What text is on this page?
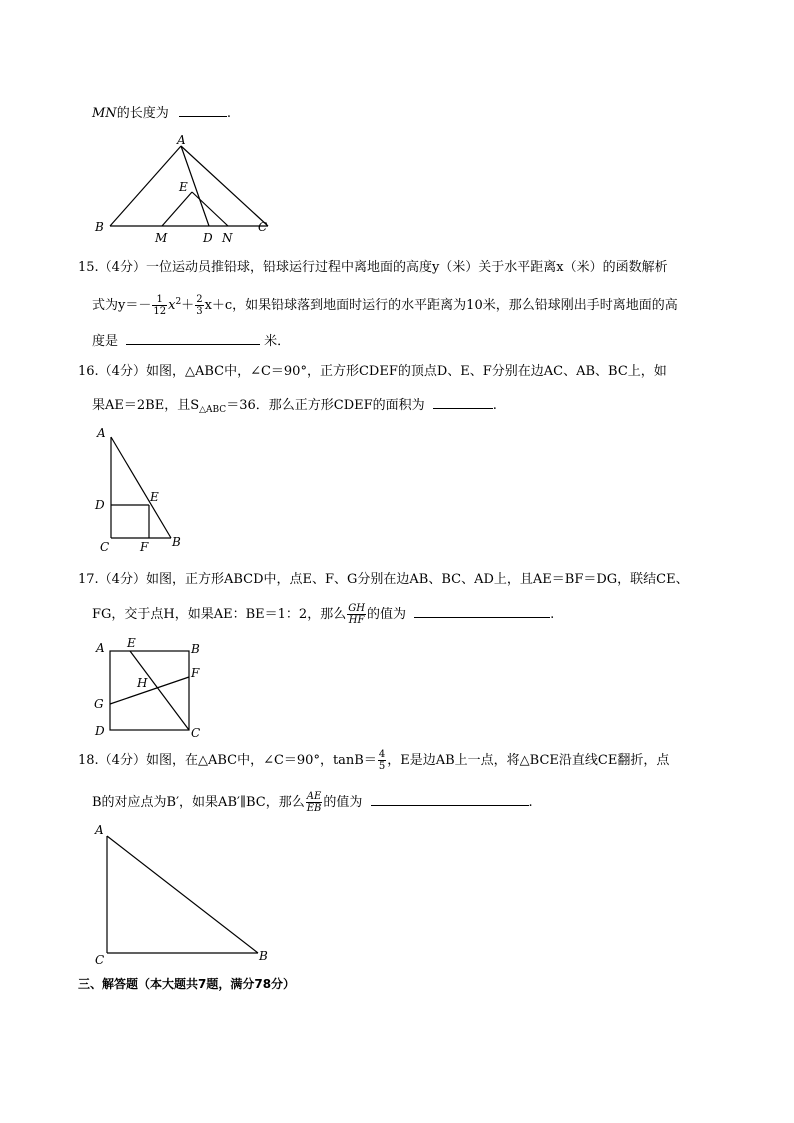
MN的长度为	.
A
B	C
E
M	D N
15.（4分）一位运动员推铅球，铅球运行过程中离地面的高度y（米）关于水平距离x（米）的函数解析
式为$y=- \frac{1}{12} x^2+ \frac{2}{3} x+c$，如果铅球落到地面时运行的水平距离为10米，那么铅球刚出手时离地面的高
度是	米．
16.（4分）如图，△ABC中，∠C＝90°，正方形CDEF的顶点D、E、F分别在边AC、AB、BC上，如
果AE＝2BE，且$S_{\triangle ABC}=36$．那么正方形CDEF的面积为	.
A
D
E
C	F B
17.（4分）如图，正方形ABCD中，点E、F、G分别在边AB、BC、AD上，且AE＝BF＝DG，联结CE、
FG，交于点H，如果AE：BE＝1：2，那么 $\frac{GH}{HF}$ 的值为	.
A E	B
F
H
G
D	C
18.（4分）如图，在△ABC中，∠C＝90°，$\tan B= \frac{4}{5}$ ，E是边AB上一点，将△BCE沿直线CE翻折，点
B的对应点为B′，如果AB′∥BC，那么 $\frac{AE}{EB}$ 的值为	.
A
C	B
三、解答题（本大题共7题，满分78分）
